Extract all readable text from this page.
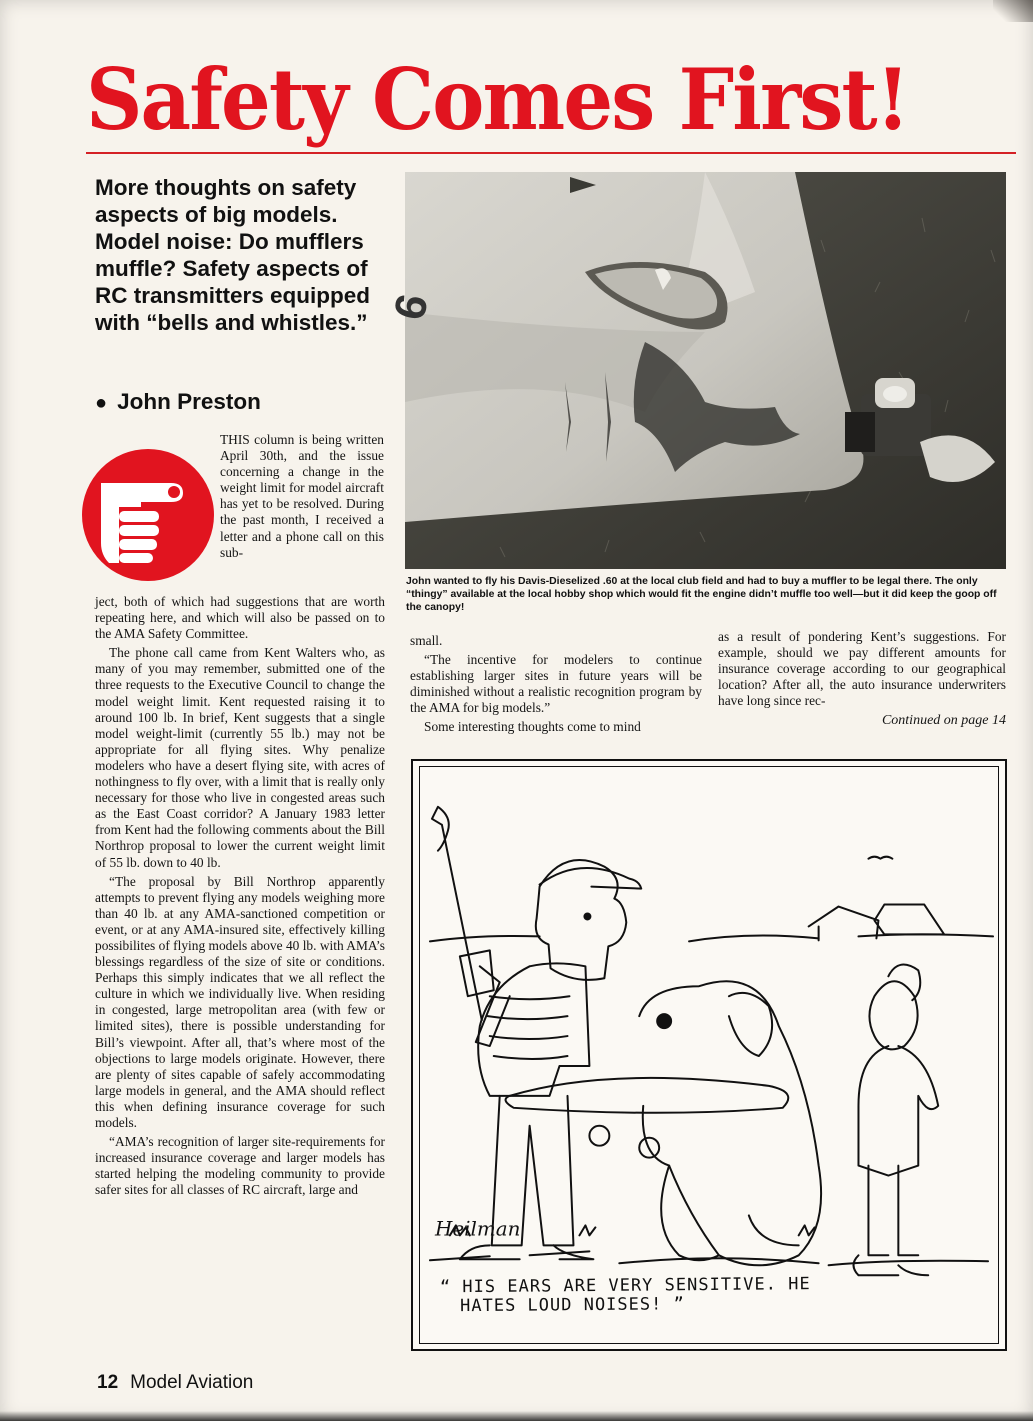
Safety Comes First!
More thoughts on safety aspects of big models. Model noise: Do mufflers muffle? Safety aspects of RC transmitters equipped with “bells and whistles.”
● John Preston
THIS column is being written April 30th, and the issue concerning a change in the weight limit for model aircraft has yet to be resolved. During the past month, I received a letter and a phone call on this sub-

ject, both of which had suggestions that are worth repeating here, and which will also be passed on to the AMA Safety Committee.

The phone call came from Kent Walters who, as many of you may remember, submitted one of the three requests to the Executive Council to change the model weight limit. Kent requested raising it to around 100 lb. In brief, Kent suggests that a single model weight-limit (currently 55 lb.) may not be appropriate for all flying sites. Why penalize modelers who have a desert flying site, with acres of nothingness to fly over, with a limit that is really only necessary for those who live in congested areas such as the East Coast corridor? A January 1983 letter from Kent had the following comments about the Bill Northrop proposal to lower the current weight limit of 55 lb. down to 40 lb.

“The proposal by Bill Northrop apparently attempts to prevent flying any models weighing more than 40 lb. at any AMA-sanctioned competition or event, or at any AMA-insured site, effectively killing possibilites of flying models above 40 lb. with AMA’s blessings regardless of the size of site or conditions. Perhaps this simply indicates that we all reflect the culture in which we individually live. When residing in congested, large metropolitan area (with few or limited sites), there is possible understanding for Bill’s viewpoint. After all, that’s where most of the objections to large models originate. However, there are plenty of sites capable of safely accommodating large models in general, and the AMA should reflect this when defining insurance coverage for such models.

“AMA’s recognition of larger site-requirements for increased insurance coverage and larger models has started helping the modeling community to provide safer sites for all classes of RC aircraft, large and

6
John wanted to fly his Davis-Dieselized .60 at the local club field and had to buy a muffler to be legal there. The only “thingy” available at the local hobby shop which would fit the engine didn’t muffle too well—but it did keep the goop off the canopy!

small.

“The incentive for modelers to continue establishing larger sites in future years will be diminished without a realistic recognition program by the AMA for big models.”

Some interesting thoughts come to mind

as a result of pondering Kent’s suggestions. For example, should we pay different amounts for insurance coverage according to our geographical location? After all, the auto insurance underwriters have long since rec-

Continued on page 14
Heilman
“ HIS EARS ARE VERY SENSITIVE. HE
HATES LOUD NOISES! ”
12 Model Aviation
